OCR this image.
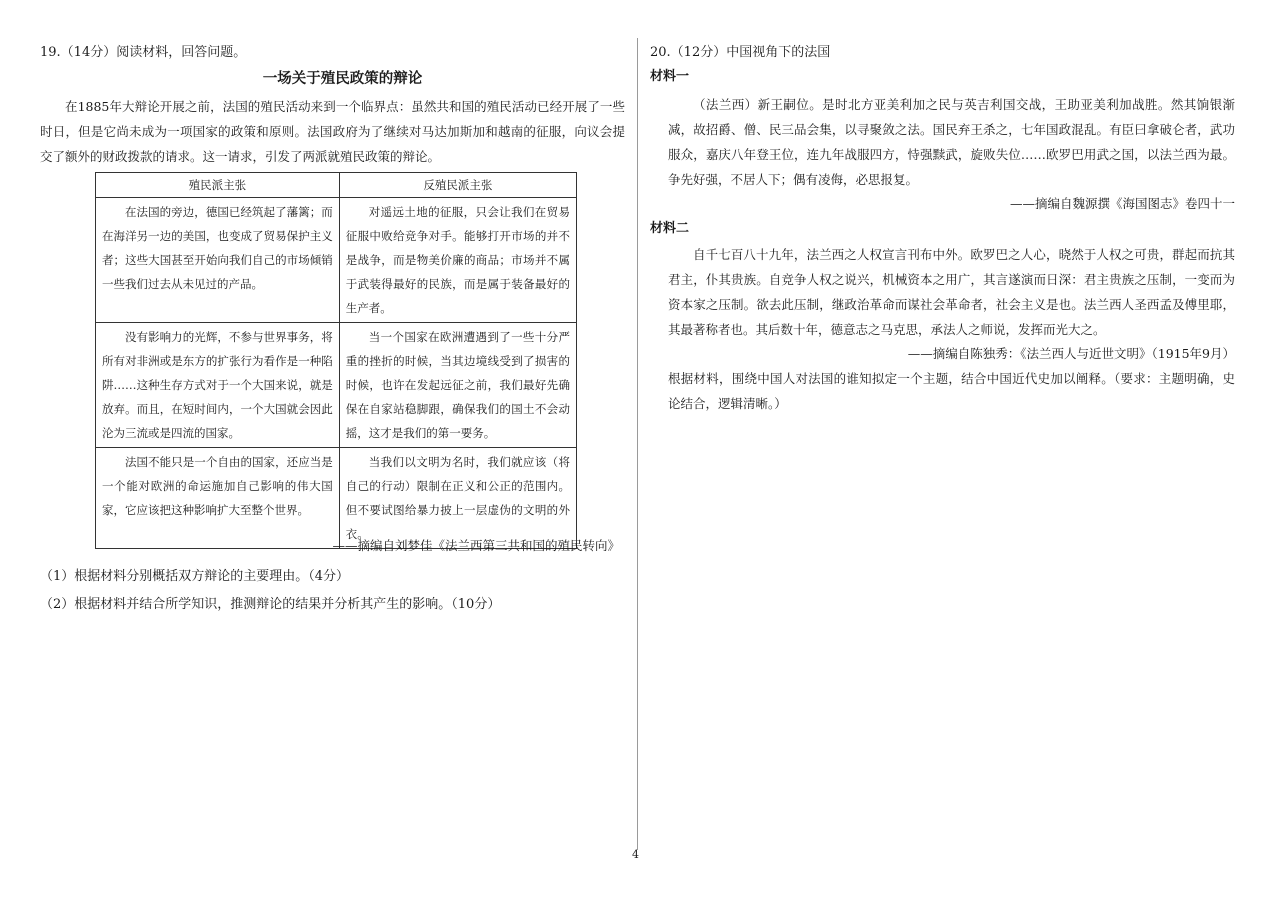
19.（14分）阅读材料，回答问题。
一场关于殖民政策的辩论

在1885年大辩论开展之前，法国的殖民活动来到一个临界点：虽然共和国的殖民活动已经开展了一些时日，但是它尚未成为一项国家的政策和原则。法国政府为了继续对马达加斯加和越南的征服，向议会提交了额外的财政拨款的请求。这一请求，引发了两派就殖民政策的辩论。

殖民派主张	反殖民派主张
在法国的旁边，德国已经筑起了藩篱；而在海洋另一边的美国，也变成了贸易保护主义者；这些大国甚至开始向我们自己的市场倾销一些我们过去从未见过的产品。	对遥远土地的征服，只会让我们在贸易征服中败给竞争对手。能够打开市场的并不是战争，而是物美价廉的商品；市场并不属于武装得最好的民族，而是属于装备最好的生产者。
没有影响力的光辉，不参与世界事务，将所有对非洲或是东方的扩张行为看作是一种陷阱……这种生存方式对于一个大国来说，就是放弃。而且，在短时间内，一个大国就会因此沦为三流或是四流的国家。	当一个国家在欧洲遭遇到了一些十分严重的挫折的时候，当其边境线受到了损害的时候，也许在发起远征之前，我们最好先确保在自家站稳脚跟，确保我们的国土不会动摇，这才是我们的第一要务。
法国不能只是一个自由的国家，还应当是一个能对欧洲的命运施加自己影响的伟大国家，它应该把这种影响扩大至整个世界。	当我们以文明为名时，我们就应该（将自己的行动）限制在正义和公正的范围内。但不要试图给暴力披上一层虚伪的文明的外衣。
——摘编自刘梦佳《法兰西第三共和国的殖民转向》
（1）根据材料分别概括双方辩论的主要理由。（4分）
（2）根据材料并结合所学知识，推测辩论的结果并分析其产生的影响。（10分）
20.（12分）中国视角下的法国
材料一

（法兰西）新王嗣位。是时北方亚美利加之民与英吉利国交战，王助亚美利加战胜。然其饷银渐减，故招爵、僧、民三品会集，以寻聚敛之法。国民弃王杀之，七年国政混乱。有臣曰拿破仑者，武功服众，嘉庆八年登王位，连九年战服四方，恃强黩武，旋败失位……欧罗巴用武之国，以法兰西为最。争先好强，不居人下；偶有凌侮，必思报复。

——摘编自魏源撰《海国图志》卷四十一
材料二

自千七百八十九年，法兰西之人权宣言刊布中外。欧罗巴之人心，晓然于人权之可贵，群起而抗其君主，仆其贵族。自竞争人权之说兴，机械资本之用广，其言遂演而日深：君主贵族之压制，一变而为资本家之压制。欲去此压制，继政治革命而谋社会革命者，社会主义是也。法兰西人圣西孟及傅里耶，其最著称者也。其后数十年，德意志之马克思，承法人之师说，发挥而光大之。

——摘编自陈独秀：《法兰西人与近世文明》（1915年9月）

根据材料，围绕中国人对法国的谁知拟定一个主题，结合中国近代史加以阐释。（要求：主题明确，史论结合，逻辑清晰。）

4
